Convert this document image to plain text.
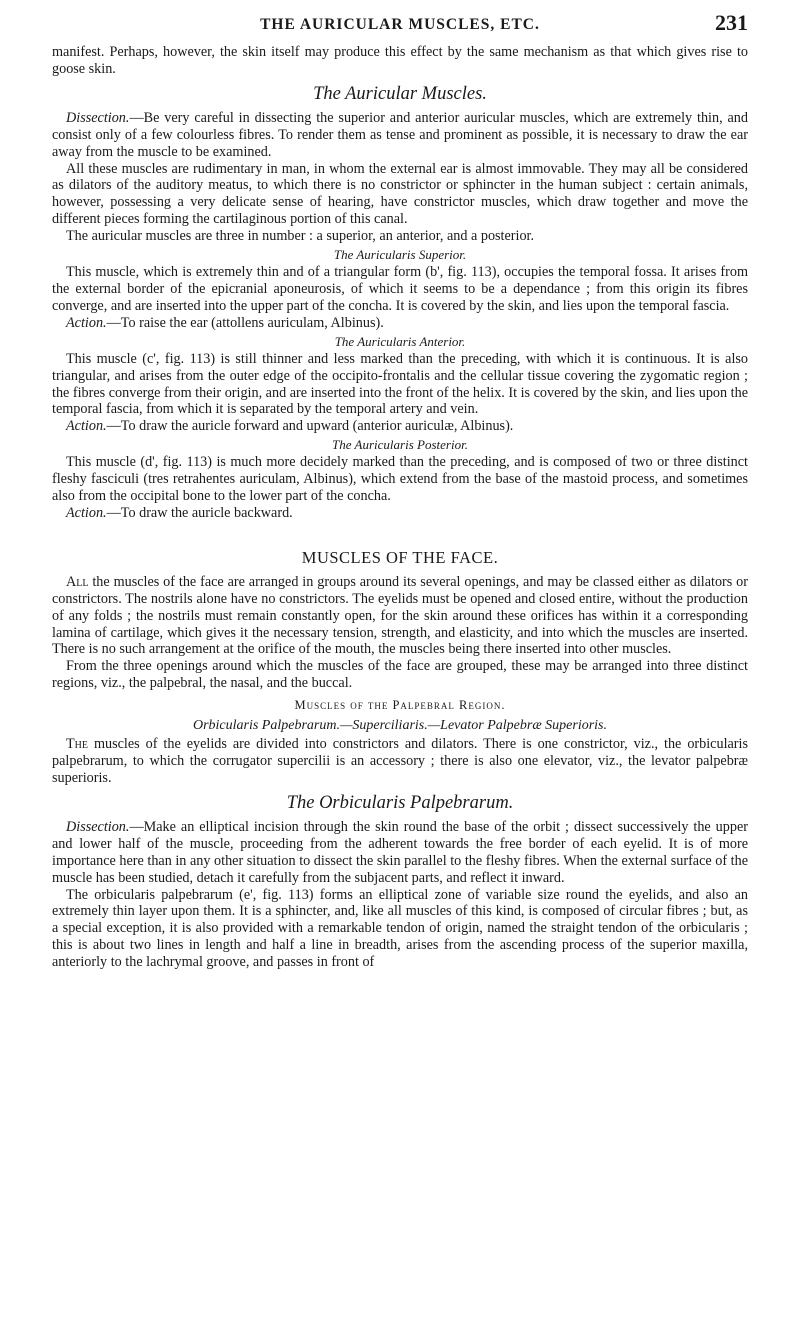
THE AURICULAR MUSCLES, ETC.	231

manifest. Perhaps, however, the skin itself may produce this effect by the same mechanism as that which gives rise to goose skin.

The Auricular Muscles.

Dissection.—Be very careful in dissecting the superior and anterior auricular muscles, which are extremely thin, and consist only of a few colourless fibres. To render them as tense and prominent as possible, it is necessary to draw the ear away from the muscle to be examined.

All these muscles are rudimentary in man, in whom the external ear is almost immovable. They may all be considered as dilators of the auditory meatus, to which there is no constrictor or sphincter in the human subject : certain animals, however, possessing a very delicate sense of hearing, have constrictor muscles, which draw together and move the different pieces forming the cartilaginous portion of this canal.

The auricular muscles are three in number : a superior, an anterior, and a posterior.

The Auricularis Superior.

This muscle, which is extremely thin and of a triangular form (b', fig. 113), occupies the temporal fossa. It arises from the external border of the epicranial aponeurosis, of which it seems to be a dependance ; from this origin its fibres converge, and are inserted into the upper part of the concha. It is covered by the skin, and lies upon the temporal fascia.

Action.—To raise the ear (attollens auriculam, Albinus).

The Auricularis Anterior.

This muscle (c', fig. 113) is still thinner and less marked than the preceding, with which it is continuous. It is also triangular, and arises from the outer edge of the occipito-frontalis and the cellular tissue covering the zygomatic region ; the fibres converge from their origin, and are inserted into the front of the helix. It is covered by the skin, and lies upon the temporal fascia, from which it is separated by the temporal artery and vein.

Action.—To draw the auricle forward and upward (anterior auriculæ, Albinus).

The Auricularis Posterior.

This muscle (d', fig. 113) is much more decidely marked than the preceding, and is composed of two or three distinct fleshy fasciculi (tres retrahentes auriculam, Albinus), which extend from the base of the mastoid process, and sometimes also from the occipital bone to the lower part of the concha.

Action.—To draw the auricle backward.

MUSCLES OF THE FACE.

All the muscles of the face are arranged in groups around its several openings, and may be classed either as dilators or constrictors. The nostrils alone have no constrictors. The eyelids must be opened and closed entire, without the production of any folds ; the nostrils must remain constantly open, for the skin around these orifices has within it a corresponding lamina of cartilage, which gives it the necessary tension, strength, and elasticity, and into which the muscles are inserted. There is no such arrangement at the orifice of the mouth, the muscles being there inserted into other muscles.

From the three openings around which the muscles of the face are grouped, these may be arranged into three distinct regions, viz., the palpebral, the nasal, and the buccal.

Muscles of the Palpebral Region.
Orbicularis Palpebrarum.—Superciliaris.—Levator Palpebræ Superioris.

The muscles of the eyelids are divided into constrictors and dilators. There is one constrictor, viz., the orbicularis palpebrarum, to which the corrugator supercilii is an accessory ; there is also one elevator, viz., the levator palpebræ superioris.

The Orbicularis Palpebrarum.

Dissection.—Make an elliptical incision through the skin round the base of the orbit ; dissect successively the upper and lower half of the muscle, proceeding from the adherent towards the free border of each eyelid. It is of more importance here than in any other situation to dissect the skin parallel to the fleshy fibres. When the external surface of the muscle has been studied, detach it carefully from the subjacent parts, and reflect it inward.

The orbicularis palpebrarum (e', fig. 113) forms an elliptical zone of variable size round the eyelids, and also an extremely thin layer upon them. It is a sphincter, and, like all muscles of this kind, is composed of circular fibres ; but, as a special exception, it is also provided with a remarkable tendon of origin, named the straight tendon of the orbicularis ; this is about two lines in length and half a line in breadth, arises from the ascending process of the superior maxilla, anteriorly to the lachrymal groove, and passes in front of
